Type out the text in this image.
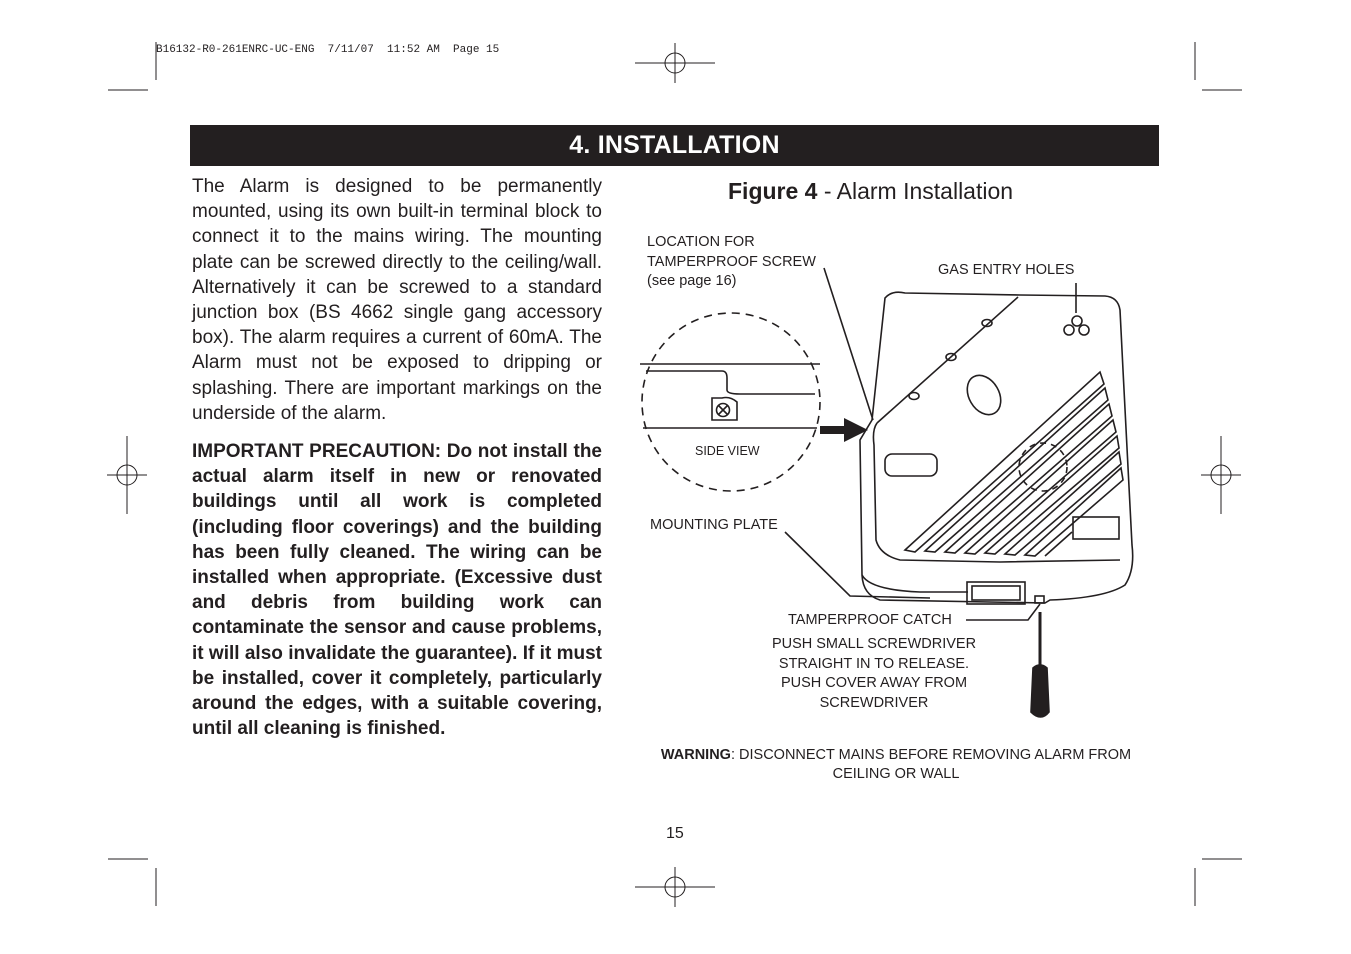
B16132-R0-261ENRC-UC-ENG  7/11/07  11:52 AM  Page 15
4. INSTALLATION

The Alarm is designed to be permanently mounted, using its own built-in terminal block to connect it to the mains wiring. The mounting plate can be screwed directly to the ceiling/wall. Alternatively it can be screwed to a standard junction box (BS 4662 single gang accessory box). The alarm requires a current of 60mA. The Alarm must not be exposed to dripping or splashing. There are important markings on the underside of the alarm.

IMPORTANT PRECAUTION: Do not install the actual alarm itself in new or renovated buildings until all work is completed (including floor coverings) and the building has been fully cleaned. The wiring can be installed when appropriate. (Excessive dust and debris from building work can contaminate the sensor and cause problems, it will also invalidate the guarantee). If it must be installed, cover it completely, particularly around the edges, with a suitable covering, until all cleaning is finished.

Figure 4 - Alarm Installation
LOCATION FOR
TAMPERPROOF SCREW
(see page 16)
GAS ENTRY HOLES
SIDE VIEW
MOUNTING PLATE
TAMPERPROOF CATCH
PUSH SMALL SCREWDRIVER
STRAIGHT IN TO RELEASE.
PUSH COVER AWAY FROM
SCREWDRIVER
WARNING: DISCONNECT MAINS BEFORE REMOVING ALARM FROM CEILING OR WALL
15
